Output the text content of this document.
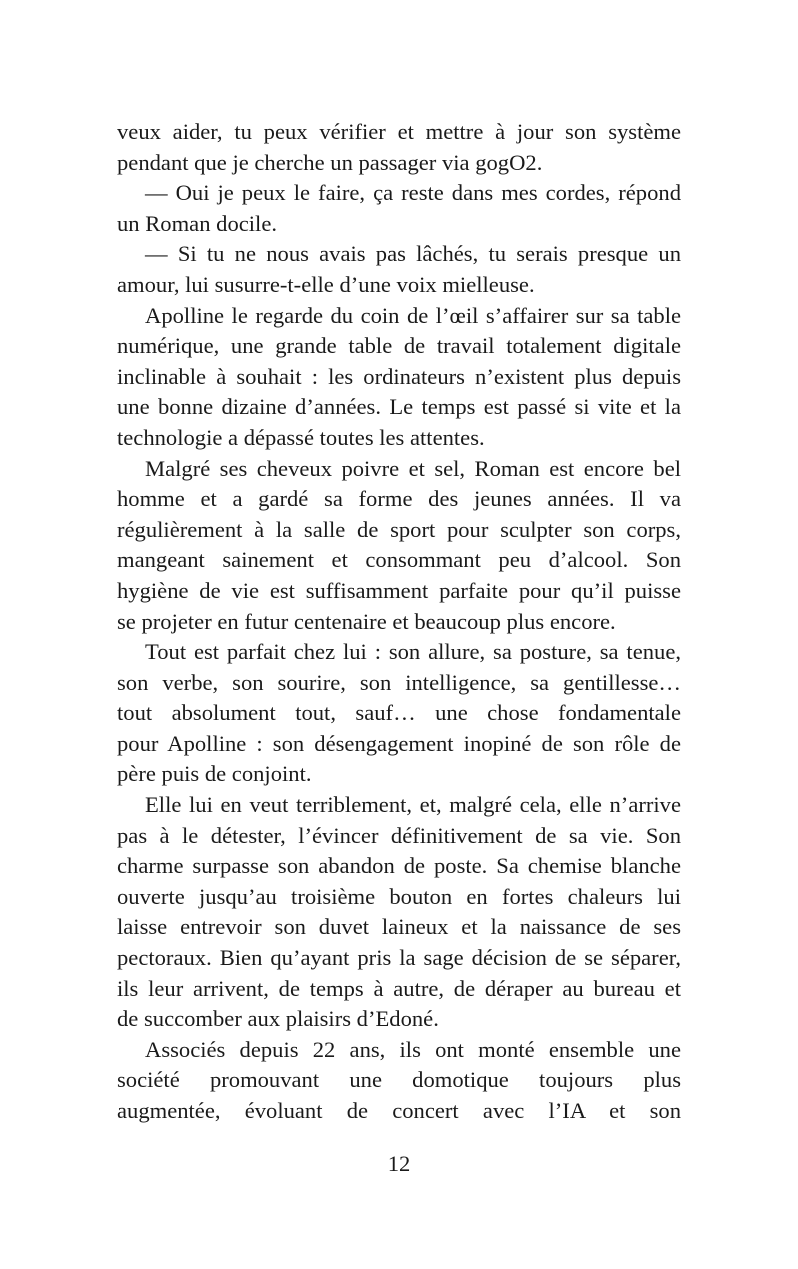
veux aider, tu peux vérifier et mettre à jour son système
pendant que je cherche un passager via gogO2.
— Oui je peux le faire, ça reste dans mes cordes, répond
un Roman docile.
— Si tu ne nous avais pas lâchés, tu serais presque un
amour, lui susurre-t-elle d’une voix mielleuse.
Apolline le regarde du coin de l’œil s’affairer sur sa table
numérique, une grande table de travail totalement digitale
inclinable à souhait : les ordinateurs n’existent plus depuis
une bonne dizaine d’années. Le temps est passé si vite et la
technologie a dépassé toutes les attentes.
Malgré ses cheveux poivre et sel, Roman est encore bel
homme et a gardé sa forme des jeunes années. Il va
régulièrement à la salle de sport pour sculpter son corps,
mangeant sainement et consommant peu d’alcool. Son
hygiène de vie est suffisamment parfaite pour qu’il puisse
se projeter en futur centenaire et beaucoup plus encore.
Tout est parfait chez lui : son allure, sa posture, sa tenue,
son verbe, son sourire, son intelligence, sa gentillesse…
tout absolument tout, sauf… une chose fondamentale
pour Apolline : son désengagement inopiné de son rôle de
père puis de conjoint.
Elle lui en veut terriblement, et, malgré cela, elle n’arrive
pas à le détester, l’évincer définitivement de sa vie. Son
charme surpasse son abandon de poste. Sa chemise blanche
ouverte jusqu’au troisième bouton en fortes chaleurs lui
laisse entrevoir son duvet laineux et la naissance de ses
pectoraux. Bien qu’ayant pris la sage décision de se séparer,
ils leur arrivent, de temps à autre, de déraper au bureau et
de succomber aux plaisirs d’Edoné.
Associés depuis 22 ans, ils ont monté ensemble une
société promouvant une domotique toujours plus
augmentée, évoluant de concert avec l’IA et son
12
